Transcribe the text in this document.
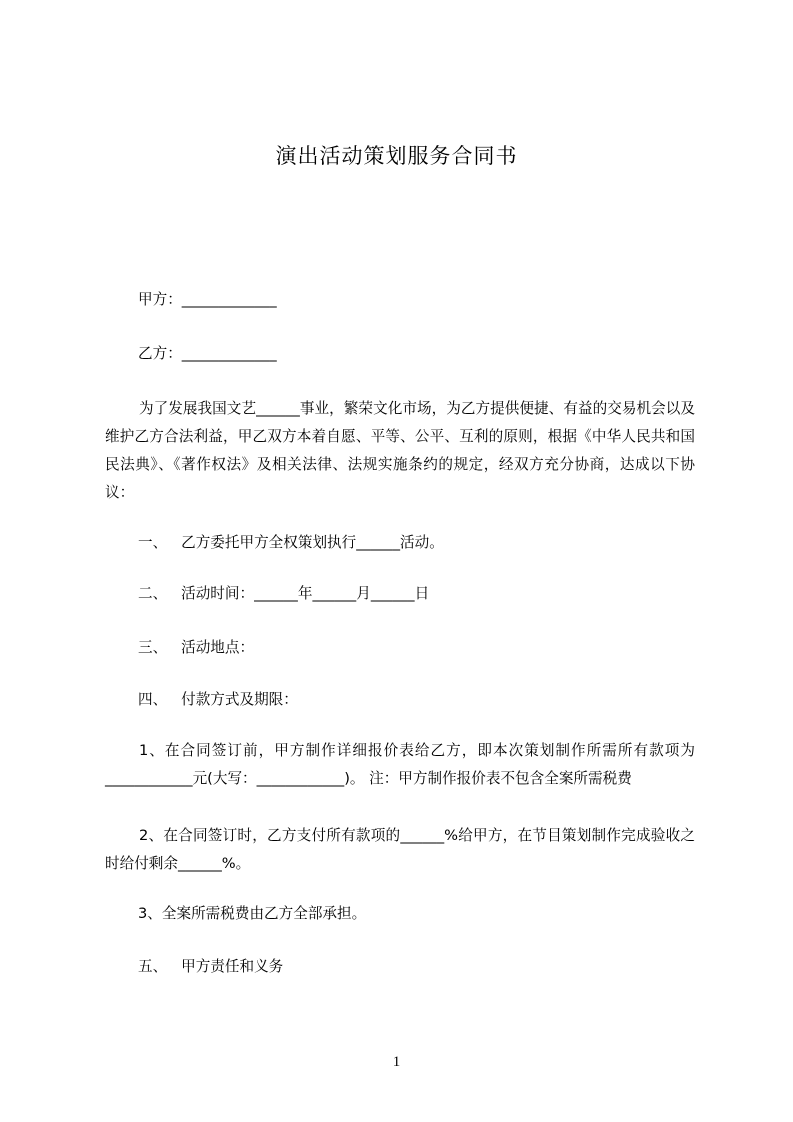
演出活动策划服务合同书
甲方：_____________
乙方：_____________
为了发展我国文艺______事业，繁荣文化市场，为乙方提供便捷、有益的交易机会以及维护乙方合法利益，甲乙双方本着自愿、平等、公平、互利的原则，根据《中华人民共和国民法典》、《著作权法》及相关法律、法规实施条约的规定，经双方充分协商，达成以下协议：
一、   乙方委托甲方全权策划执行______活动。
二、   活动时间：______年______月______日
三、   活动地点：
四、   付款方式及期限：
1、在合同签订前，甲方制作详细报价表给乙方，即本次策划制作所需所有款项为____________元(大写：____________)。 注：甲方制作报价表不包含全案所需税费
2、在合同签订时，乙方支付所有款项的______%给甲方，在节目策划制作完成验收之时给付剩余______%。
3、全案所需税费由乙方全部承担。
五、   甲方责任和义务
1
